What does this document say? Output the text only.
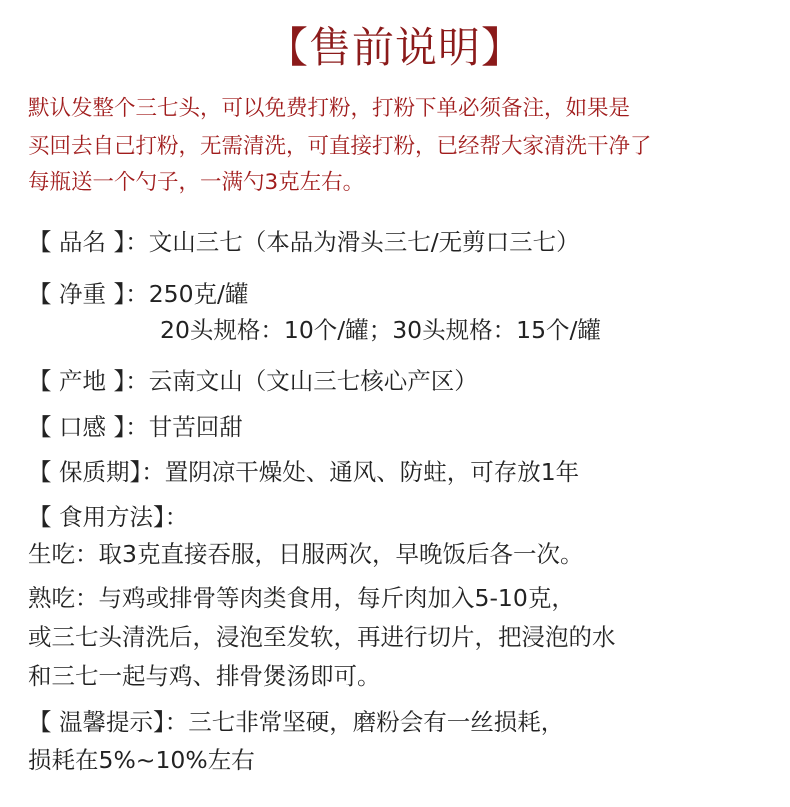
【售前说明】
默认发整个三七头，可以免费打粉，打粉下单必须备注，如果是
买回去自己打粉，无需清洗，可直接打粉，已经帮大家清洗干净了
每瓶送一个勺子，一满勺3克左右。
【 品名 】：文山三七（本品为滑头三七/无剪口三七）
【 净重 】：250克/罐
20头规格：10个/罐；30头规格：15个/罐
【 产地 】：云南文山（文山三七核心产区）
【 口感 】：甘苦回甜
【 保质期】：置阴凉干燥处、通风、防蛀，可存放1年
【 食用方法】：
生吃：取3克直接吞服，日服两次，早晚饭后各一次。
熟吃：与鸡或排骨等肉类食用，每斤肉加入5-10克，
或三七头清洗后，浸泡至发软，再进行切片，把浸泡的水
和三七一起与鸡、排骨煲汤即可。
【 温馨提示】：三七非常坚硬，磨粉会有一丝损耗，
损耗在5%~10%左右
